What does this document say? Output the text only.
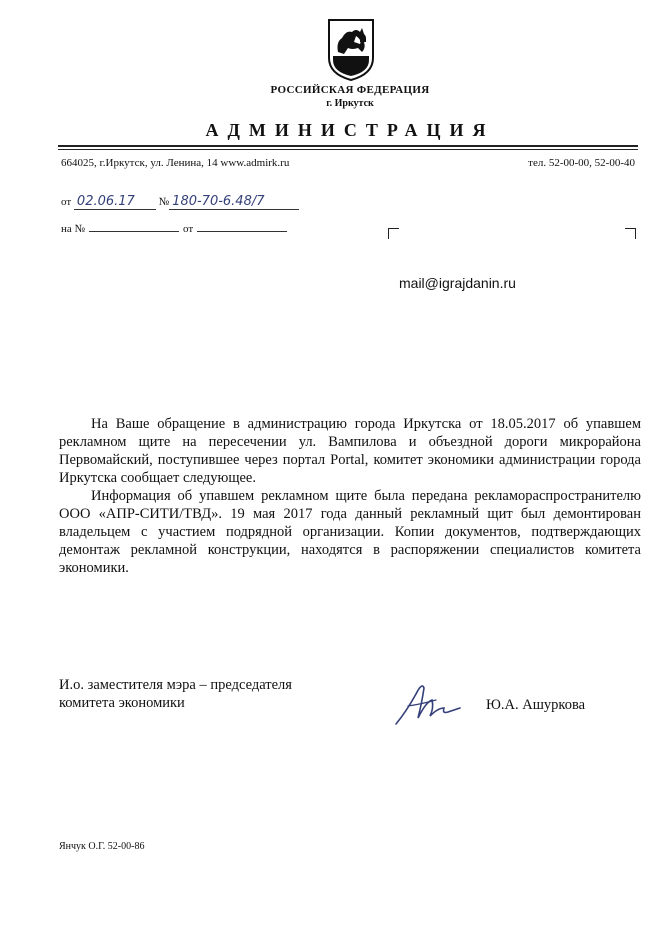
РОССИЙСКАЯ ФЕДЕРАЦИЯ
г. Иркутск
АДМИНИСТРАЦИЯ
664025, г.Иркутск, ул. Ленина, 14 www.admirk.ru	тел. 52-00-00, 52-00-40
от 02.06.17 № 180-70-6.48/7
на №	от
mail@igrajdanin.ru

На Ваше обращение в администрацию города Иркутска от 18.05.2017 об упавшем рекламном щите на пересечении ул. Вампилова и объездной дороги микрорайона Первомайский, поступившее через портал Portal, комитет экономики администрации города Иркутска сообщает следующее.

Информация об упавшем рекламном щите была передана рекламораспространителю ООО «АПР-СИТИ/ТВД». 19 мая 2017 года данный рекламный щит был демонтирован владельцем с участием подрядной организации. Копии документов, подтверждающих демонтаж рекламной конструкции, находятся в распоряжении специалистов комитета экономики.

И.о. заместителя мэра – председателя
комитета экономики	Ю.А. Ашуркова
Янчук О.Г. 52-00-86
